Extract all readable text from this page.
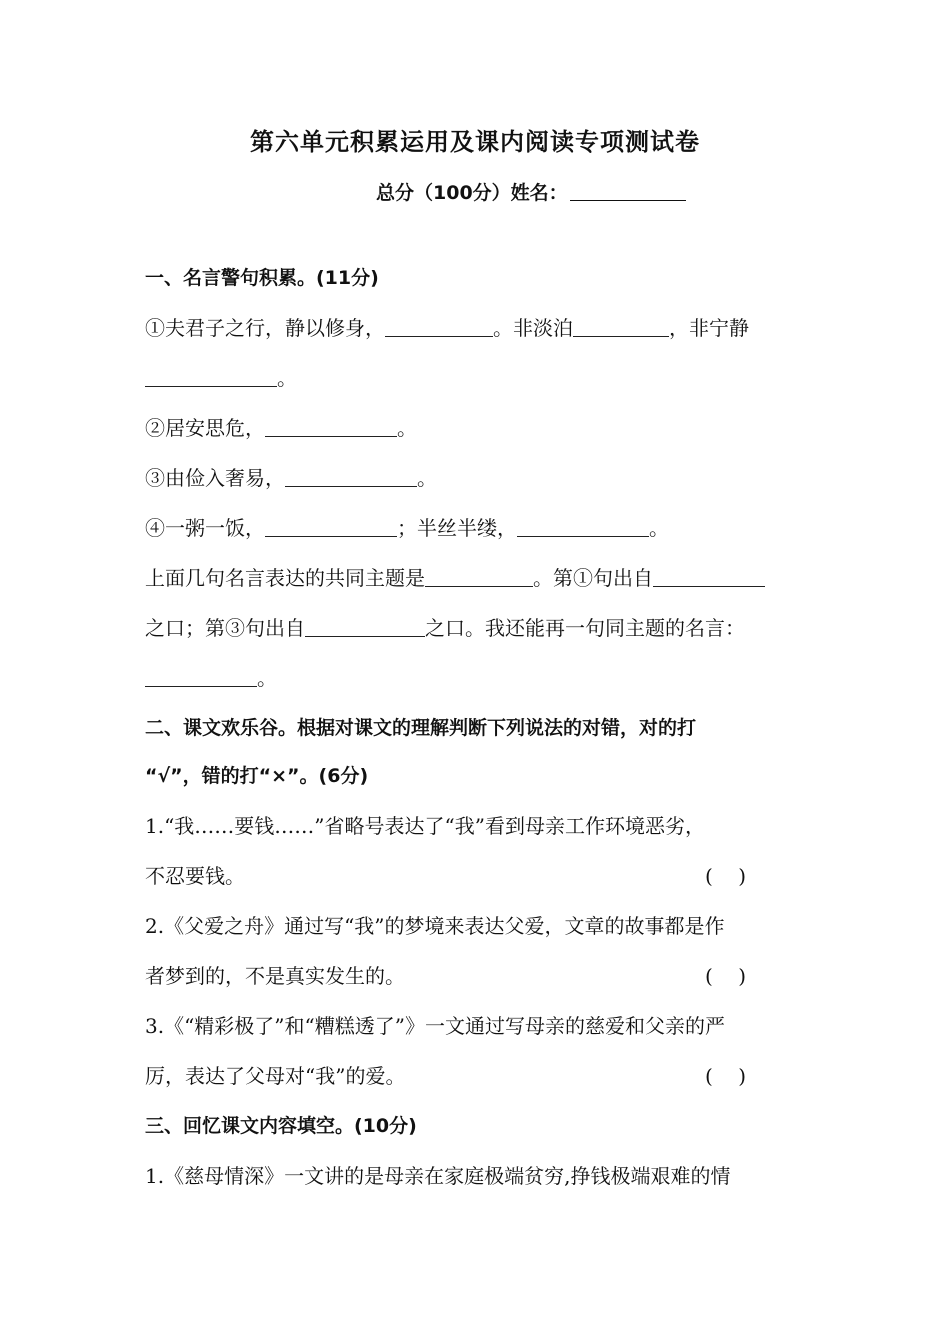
第六单元积累运用及课内阅读专项测试卷
总分（100分）姓名：
一、名言警句积累。(11分)
①夫君子之行，静以修身，	。非淡泊	，非宁静
。
②居安思危，	。
③由俭入奢易，	。
④一粥一饭，	；半丝半缕，	。
上面几句名言表达的共同主题是	。第①句出自
之口；第③句出自	之口。我还能再一句同主题的名言：
。
二、课文欢乐谷。根据对课文的理解判断下列说法的对错，对的打
“√”，错的打“×”。(6分)
1.“我……要钱……”省略号表达了“我”看到母亲工作环境恶劣，
不忍要钱。	(    )
2.《父爱之舟》通过写“我”的梦境来表达父爱，文章的故事都是作
者梦到的，不是真实发生的。	(    )
3.《“精彩极了”和“糟糕透了”》一文通过写母亲的慈爱和父亲的严
厉，表达了父母对“我”的爱。	(    )
三、回忆课文内容填空。(10分)
1.《慈母情深》一文讲的是母亲在家庭极端贫穷,挣钱极端艰难的情
